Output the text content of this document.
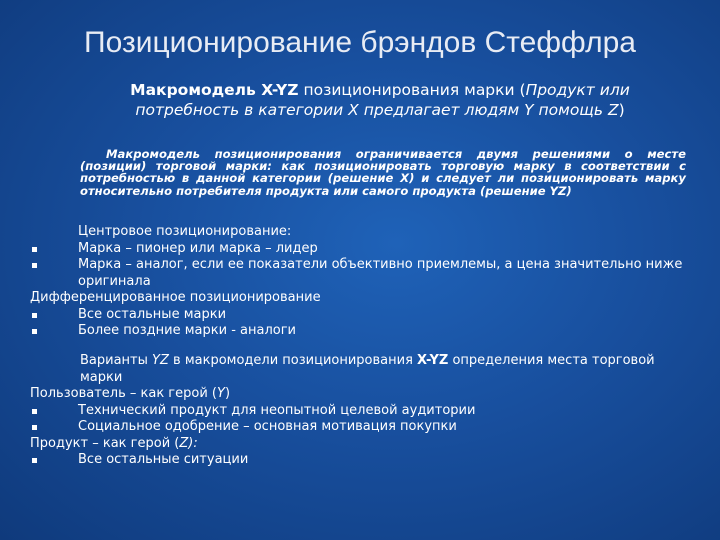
Позиционирование брэндов Стеффлра
Макромодель X-YZ позиционирования марки (Продукт или потребность в категории X предлагает людям Y помощь Z)
Макромодель позиционирования ограничивается двумя решениями о месте (позиции) торговой марки: как позиционировать торговую марку в соответствии с потребностью в данной категории (решение X) и следует ли позиционировать марку относительно потребителя продукта или самого продукта (решение YZ)
Центровое позиционирование:
Марка – пионер или марка – лидер
Марка – аналог, если ее показатели объективно приемлемы, а цена значительно ниже оригинала
Дифференцированное позиционирование
Все остальные марки
Более поздние марки - аналоги
Варианты YZ в макромодели позиционирования X-YZ определения места торговой марки
Пользователь – как герой (Y)
Технический продукт для неопытной целевой аудитории
Социальное одобрение – основная мотивация покупки
Продукт – как герой (Z):
Все остальные ситуации
